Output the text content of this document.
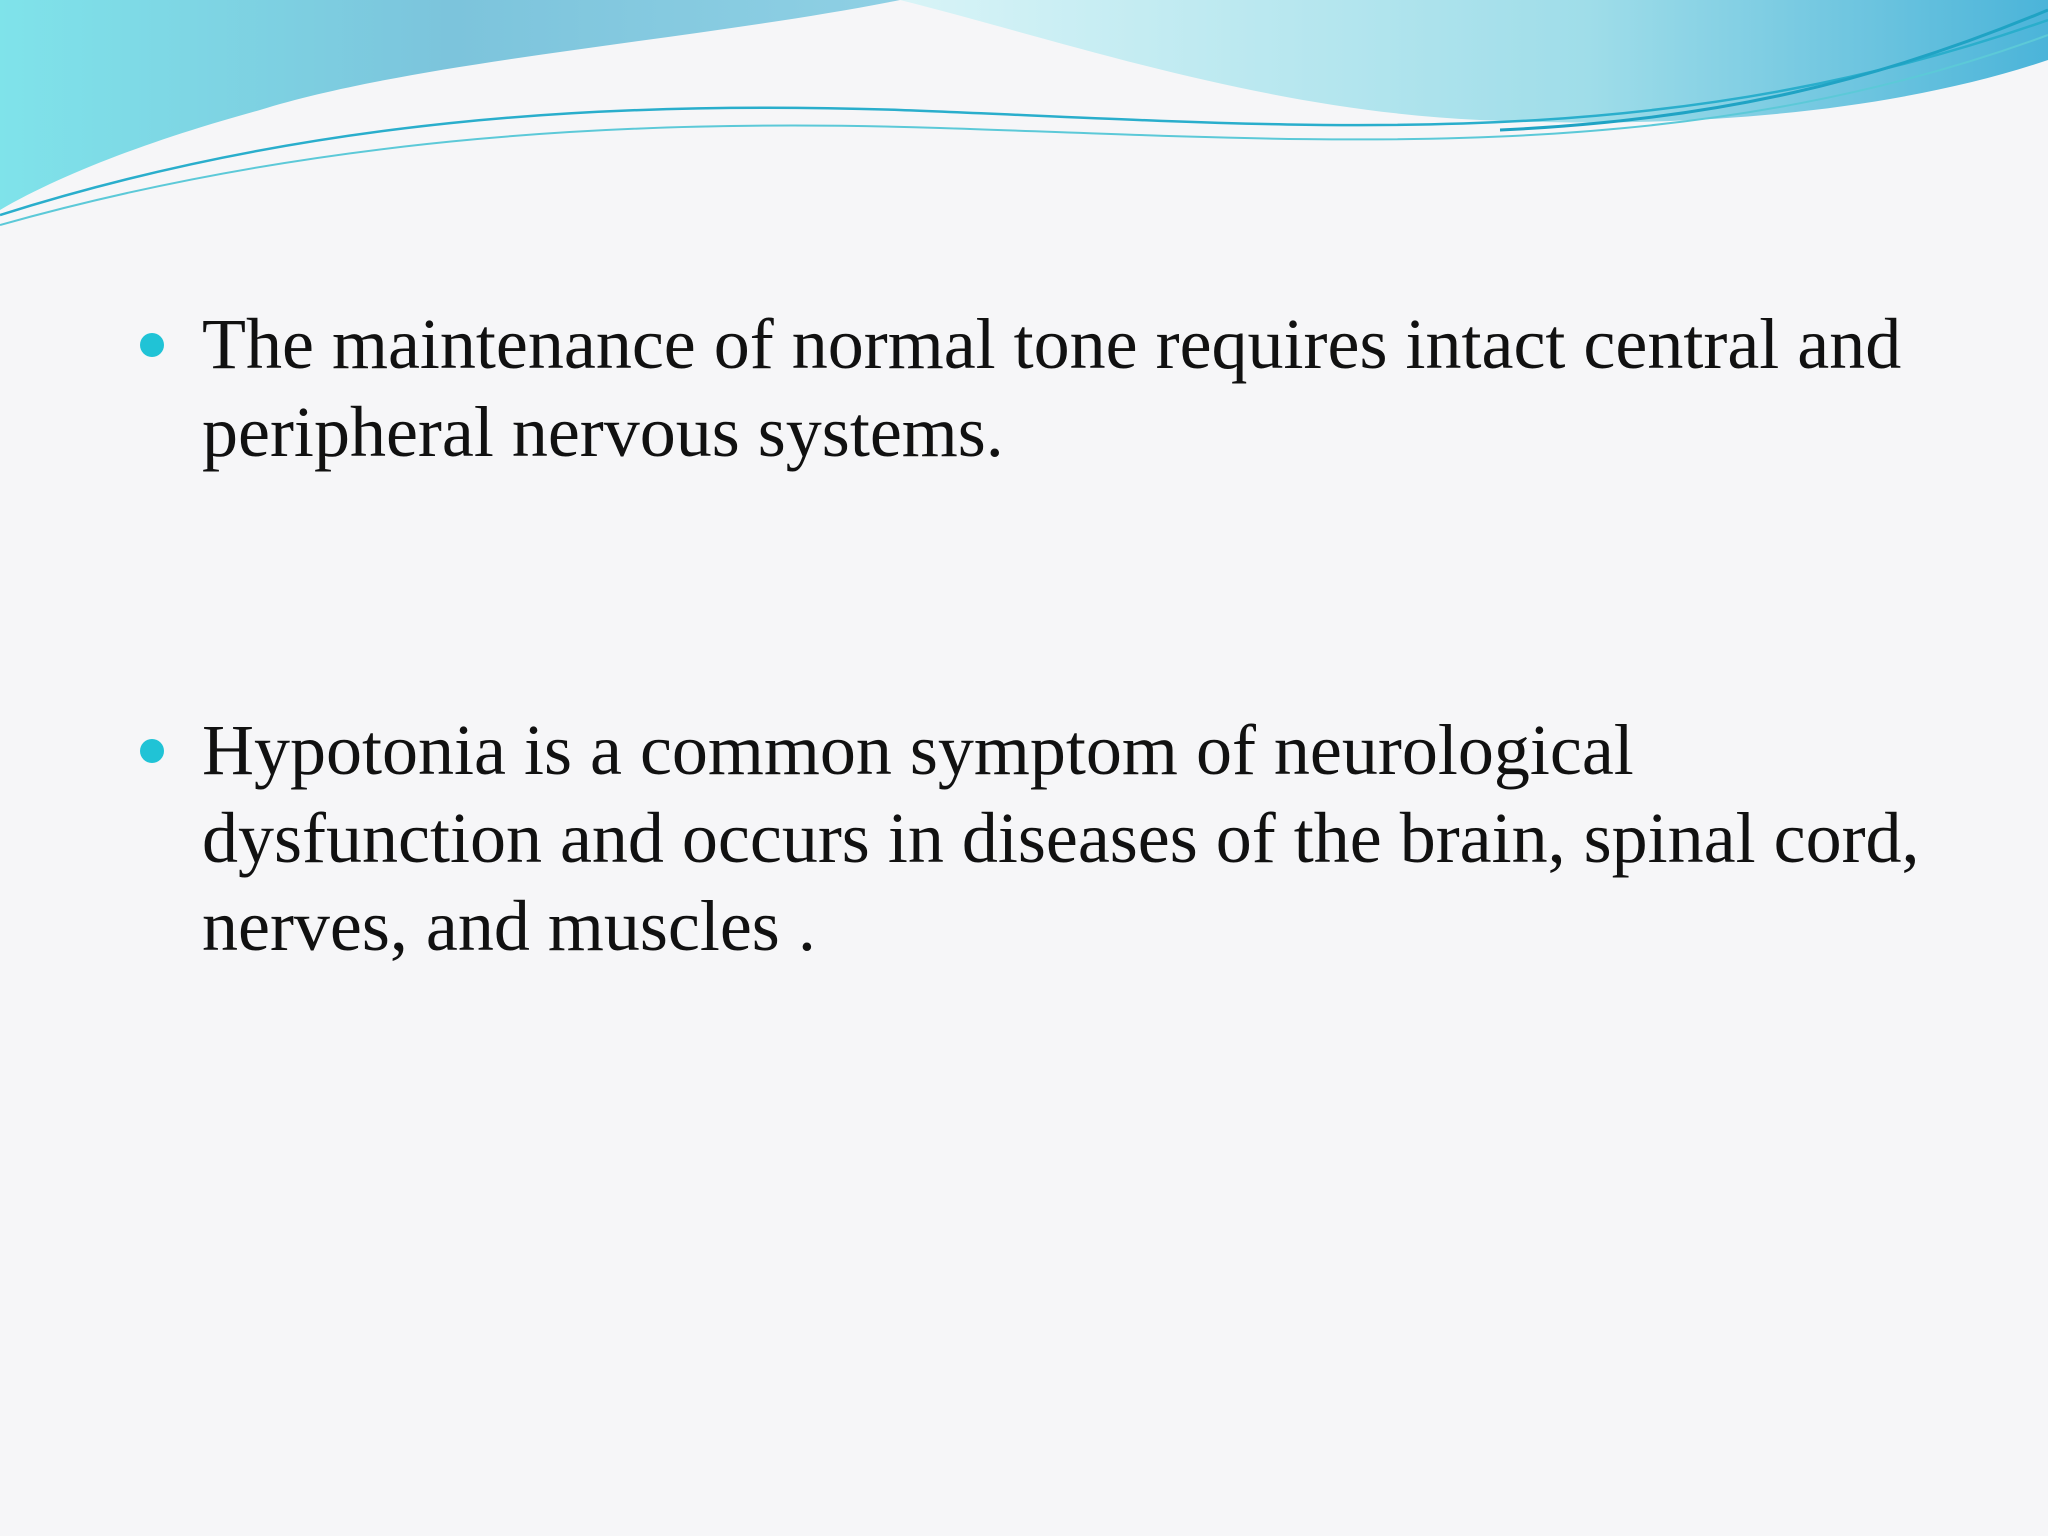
The maintenance of normal tone requires intact central and peripheral nervous systems.
Hypotonia is a common symptom of neurological dysfunction and occurs in diseases of the brain, spinal cord, nerves, and muscles .
